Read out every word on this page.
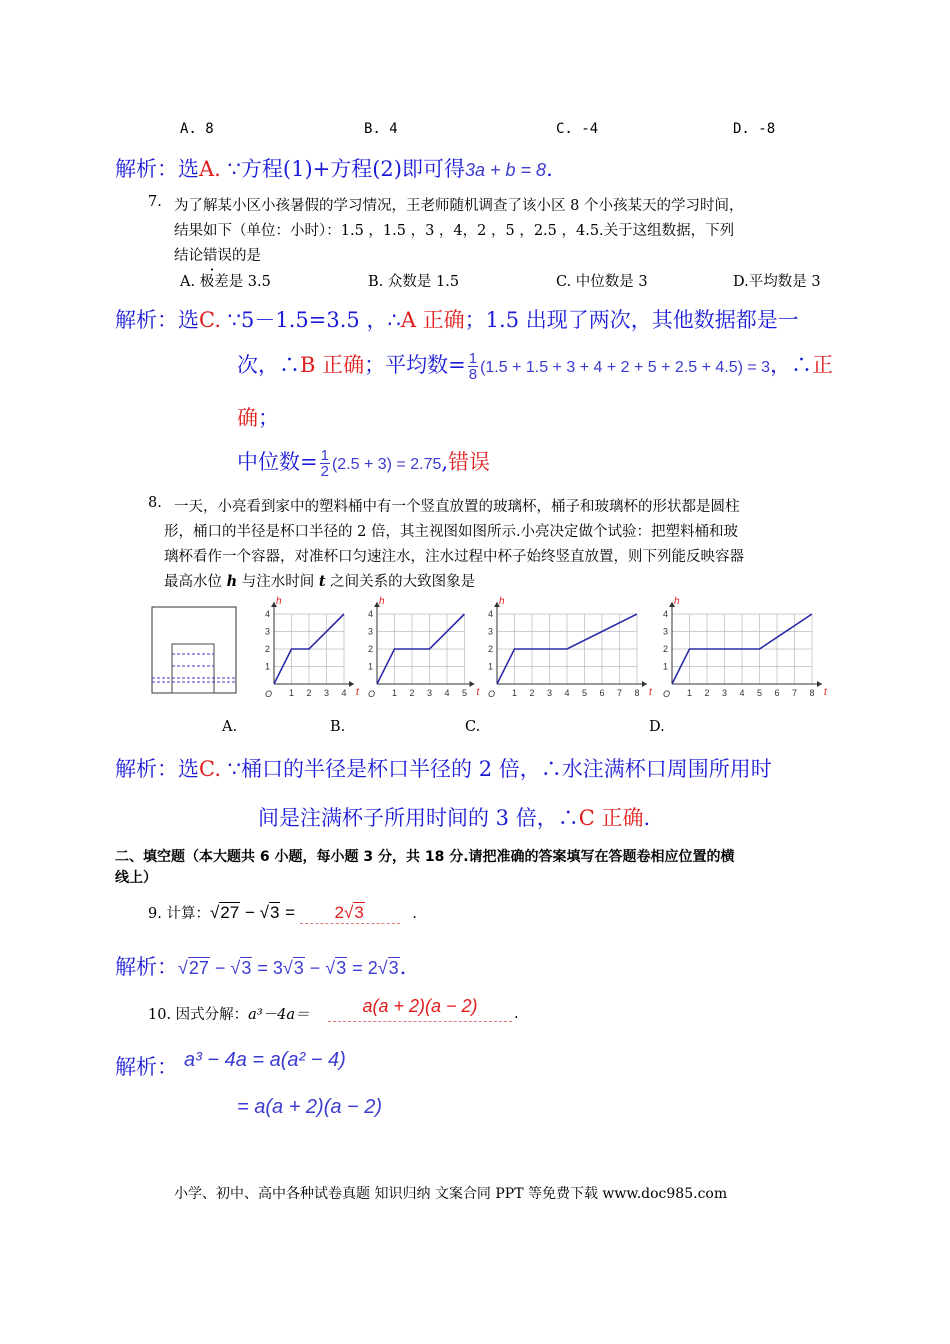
A. 8	B. 4	C. -4	D. -8
解析：选A. ∵方程(1)+方程(2)即可得3a + b = 8.
7. 为了解某小区小孩暑假的学习情况，王老师随机调查了该小区 8 个小孩某天的学习时间，
结果如下（单位：小时）：1.5 ，1.5 ，3 ，4，2 ，5 ，2.5 ，4.5.关于这组数据，下列
结论错误的是
A. 极差是 3.5	B. 众数是 1.5	C. 中位数是 3	D.平均数是 3
解析：选C. ∵5－1.5=3.5 ，∴A 正确；1.5 出现了两次，其他数据都是一
次，∴B 正确；平均数= $\frac{1}{8} (1.5 + 1.5 + 3 + 4 + 2 + 5 + 2.5 + 4.5) = 3$，∴正
确；
中位数= $\frac{1}{2} (2.5 + 3) = 2.75$,错误
8. 一天，小亮看到家中的塑料桶中有一个竖直放置的玻璃杯，桶子和玻璃杯的形状都是圆柱
形，桶口的半径是杯口半径的 2 倍，其主视图如图所示.小亮决定做个试验：把塑料桶和玻
璃杯看作一个容器，对准杯口匀速注水，注水过程中杯子始终竖直放置，则下列能反映容器
最高水位 h 与注水时间 t 之间关系的大致图象是
1 2 3 4
1
2
3
4
O	t
h
1 2 3 4 5
1
2
3
4
O	t
h
1 2 3 4 5 6 7 8
1
2
3
4
O	t
h
1 2 3 4 5 6 7 8
1
2
3
4
O	t
h
A.	B.	C.	D.
解析：选C. ∵桶口的半径是杯口半径的 2 倍，∴水注满杯口周围所用时
间是注满杯子所用时间的 3 倍，∴C 正确.
二、填空题（本大题共 6 小题，每小题 3 分，共 18 分.请把准确的答案填写在答题卷相应位置的横
线上）
9. 计算：√27 − √3 = 2√3	.
解析：√27 − √3 = 3√3 − √3 = 2√3.
10. 因式分解：a³－4a＝	a(a + 2)(a − 2)	.
解析： a³ − 4a = a(a² − 4)
= a(a + 2)(a − 2)
小学、初中、高中各种试卷真题 知识归纳 文案合同 PPT 等免费下载 www.doc985.com
